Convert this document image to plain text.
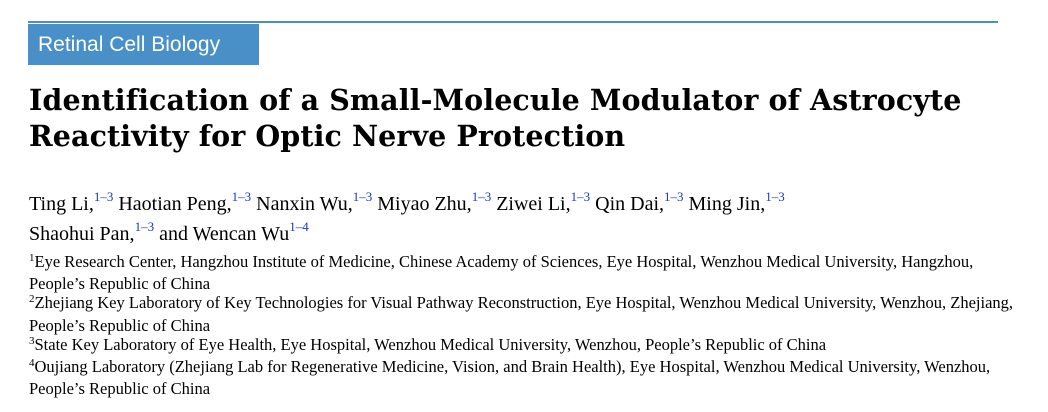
Retinal Cell Biology
Identification of a Small-Molecule Modulator of Astrocyte Reactivity for Optic Nerve Protection
Ting Li,$^{1-3}$ Haotian Peng,$^{1-3}$ Nanxin Wu,$^{1-3}$ Miyao Zhu,$^{1-3}$ Ziwei Li,$^{1-3}$ Qin Dai,$^{1-3}$ Ming Jin,$^{1-3}$
Shaohui Pan,$^{1-3}$ and Wencan Wu$^{1-4}$
$^1$Eye Research Center, Hangzhou Institute of Medicine, Chinese Academy of Sciences, Eye Hospital, Wenzhou Medical University, Hangzhou, People’s Republic of China
$^2$Zhejiang Key Laboratory of Key Technologies for Visual Pathway Reconstruction, Eye Hospital, Wenzhou Medical University, Wenzhou, Zhejiang, People’s Republic of China
$^3$State Key Laboratory of Eye Health, Eye Hospital, Wenzhou Medical University, Wenzhou, People’s Republic of China
$^4$Oujiang Laboratory (Zhejiang Lab for Regenerative Medicine, Vision, and Brain Health), Eye Hospital, Wenzhou Medical University, Wenzhou, People’s Republic of China
